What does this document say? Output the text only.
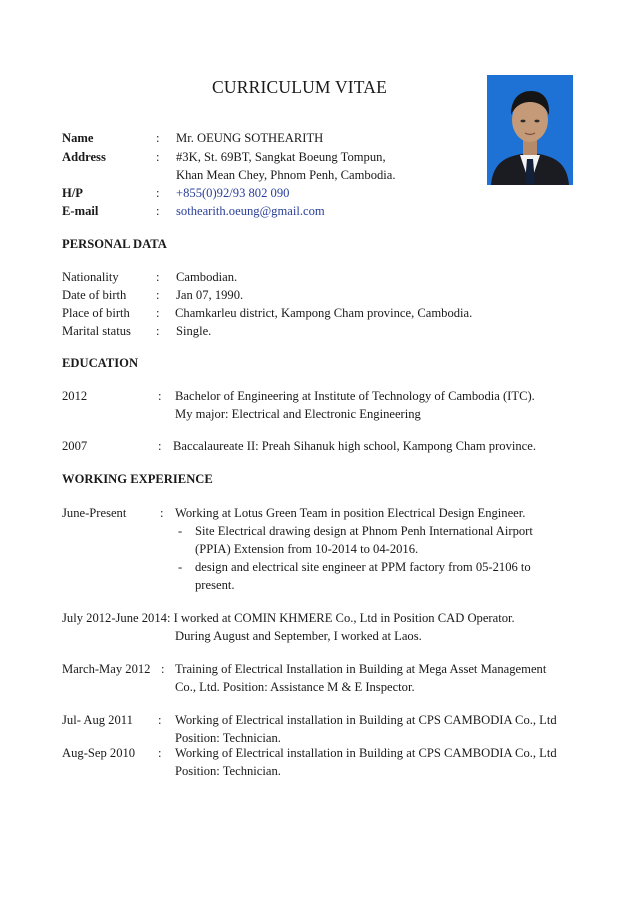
CURRICULUM VITAE
Name	: Mr. OEUNG SOTHEARITH
Address	: #3K, St. 69BT, Sangkat Boeung Tompun,
Khan Mean Chey, Phnom Penh, Cambodia.
H/P	: +855(0)92/93 802 090
E-mail	: sothearith.oeung@gmail.com
PERSONAL DATA
Nationality	: Cambodian.
Date of birth : Jan 07, 1990.
Place of birth : Chamkarleu district, Kampong Cham province, Cambodia.
Marital status : Single.
EDUCATION
2012	: Bachelor of Engineering at Institute of Technology of Cambodia (ITC).
My major: Electrical and Electronic Engineering
2007	: Baccalaureate II: Preah Sihanuk high school, Kampong Cham province.
WORKING EXPERIENCE
June-Present	: Working at Lotus Green Team in position Electrical Design Engineer.
- Site Electrical drawing design at Phnom Penh International Airport
(PPIA) Extension from 10-2014 to 04-2016.
- design and electrical site engineer at PPM factory from 05-2106 to
present.
July 2012-June 2014: I worked at COMIN KHMERE Co., Ltd in Position CAD Operator.
During August and September, I worked at Laos.
March-May 2012 : Training of Electrical Installation in Building at Mega Asset Management
Co., Ltd. Position: Assistance M & E Inspector.
Jul- Aug 2011 : Working of Electrical installation in Building at CPS CAMBODIA Co., Ltd
Position: Technician.
Aug-Sep 2010 : Working of Electrical installation in Building at CPS CAMBODIA Co., Ltd
Position: Technician.
